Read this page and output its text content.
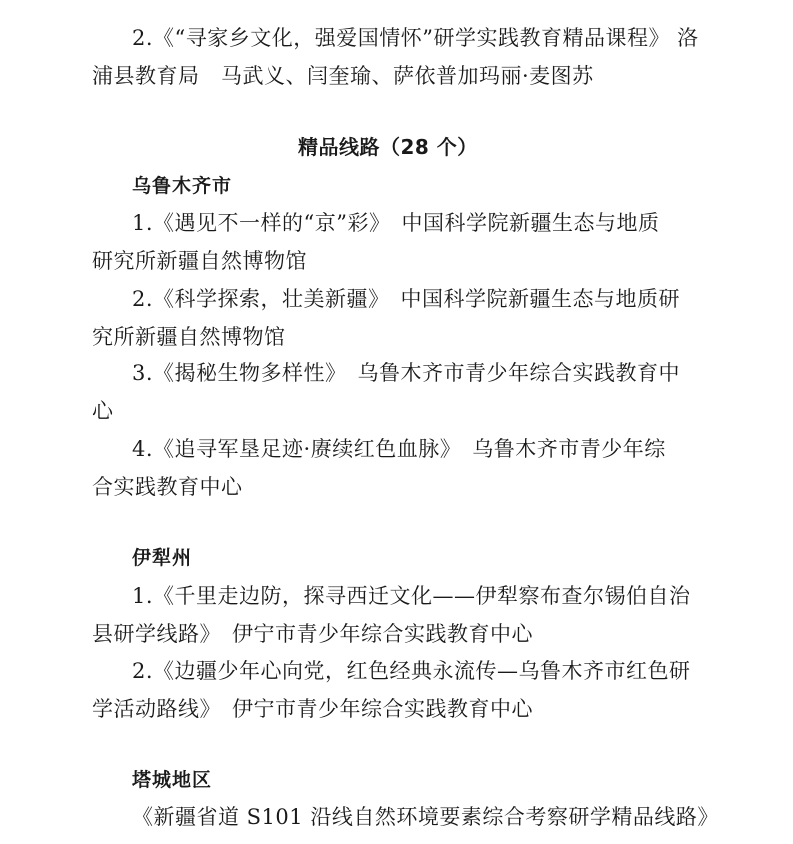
2.《“寻家乡文化，强爱国情怀”研学实践教育精品课程》 洛
浦县教育局　马武义、闫奎瑜、萨依普加玛丽·麦图苏
精品线路（28 个）
乌鲁木齐市
1.《遇见不一样的“京”彩》　中国科学院新疆生态与地质
研究所新疆自然博物馆
2.《科学探索，壮美新疆》　中国科学院新疆生态与地质研
究所新疆自然博物馆
3.《揭秘生物多样性》　乌鲁木齐市青少年综合实践教育中
心
4.《追寻军垦足迹·赓续红色血脉》　乌鲁木齐市青少年综
合实践教育中心
伊犁州
1.《千里走边防，探寻西迁文化——伊犁察布查尔锡伯自治
县研学线路》　伊宁市青少年综合实践教育中心
2.《边疆少年心向党，红色经典永流传—乌鲁木齐市红色研
学活动路线》　伊宁市青少年综合实践教育中心
塔城地区
《新疆省道 S101 沿线自然环境要素综合考察研学精品线路》
